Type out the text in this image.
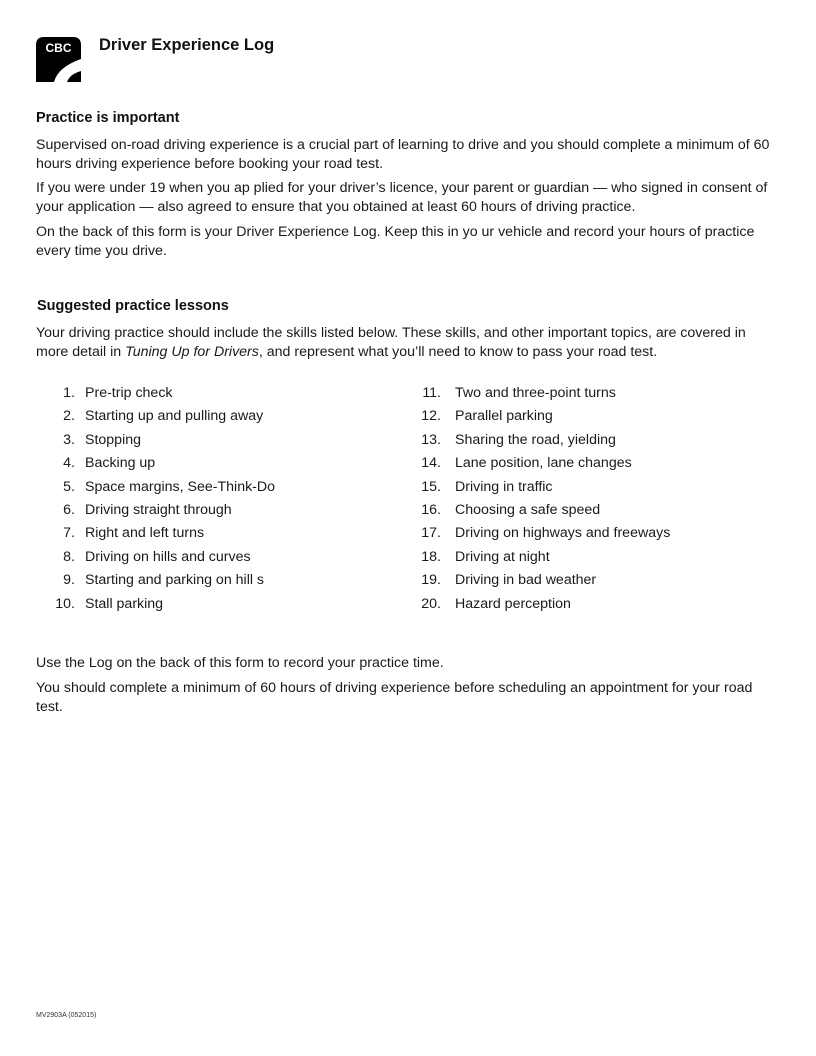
CBC Driver Experience Log
Practice is important
Supervised on-road driving experience is a crucial part of learning to drive and you should complete a minimum of 60 hours driving experience before booking your road test.
If you were under 19 when you ap plied for your driver’s licence, your parent or guardian — who signed in consent of your application — also agreed to ensure that you obtained at least 60 hours of driving practice.
On the back of this form is your Driver Experience Log. Keep this in yo ur vehicle and record your hours of practice every time you drive.
Suggested practice lessons
Your driving practice should include the skills listed below. These skills, and other important topics, are covered in more detail in Tuning Up for Drivers, and represent what you’ll need to know to pass your road test.
1. Pre-trip check
2. Starting up and pulling away
3. Stopping
4. Backing up
5. Space margins, See-Think-Do
6. Driving straight through
7. Right and left turns
8. Driving on hills and curves
9. Starting and parking on hill s
10. Stall parking
11. Two and three-point turns
12. Parallel parking
13. Sharing the road, yielding
14. Lane position, lane changes
15. Driving in traffic
16. Choosing a safe speed
17. Driving on highways and freeways
18. Driving at night
19. Driving in bad weather
20. Hazard perception
Use the Log on the back of this form to record your practice time.
You should complete a minimum of 60 hours of driving experience before scheduling an appointment for your road test.
MV2903A (052015)
